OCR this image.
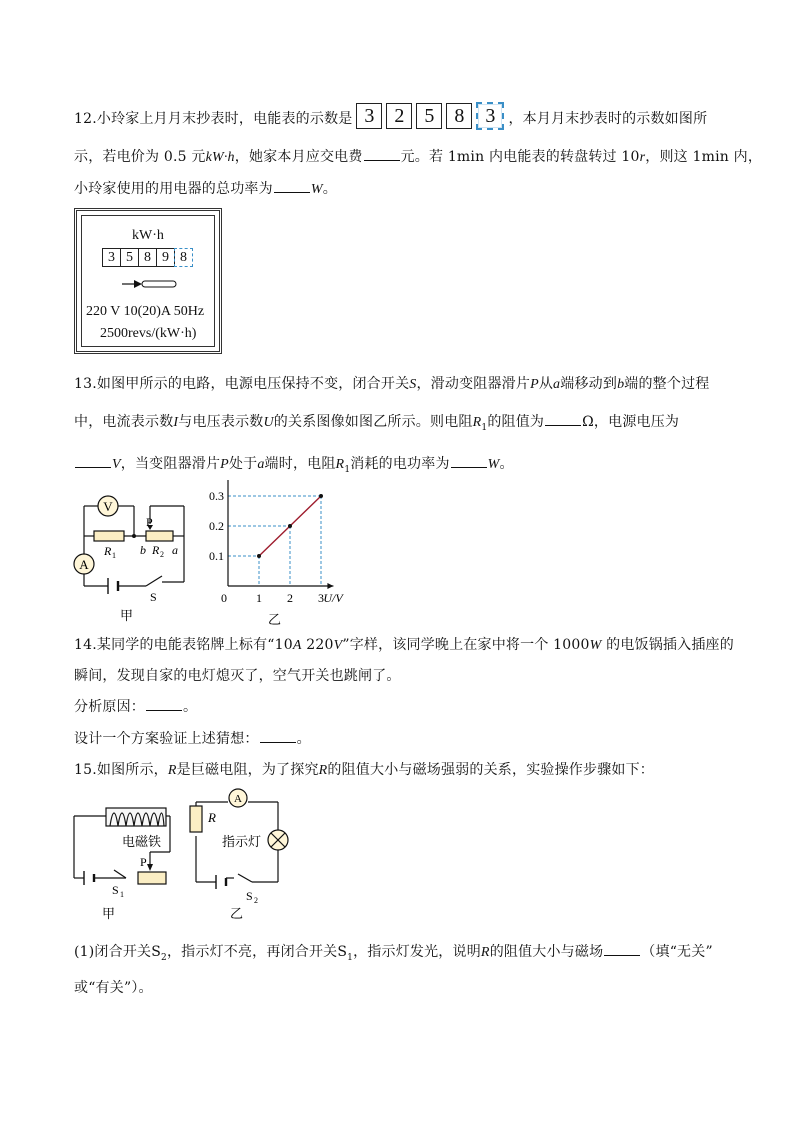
12.小玲家上月月末抄表时，电能表的示数是 3 2 5 8 3 ，本月月末抄表时的示数如图所
示，若电价为 0.5 元kW·h，她家本月应交电费	元。若 1min 内电能表的转盘转过 10r，则这 1min 内，
小玲家使用的用电器的总功率为	W。
kW·h
3 5 8 9 8
220 V 10(20)A 50Hz
2500revs/(kW·h)
13.如图甲所示的电路，电源电压保持不变，闭合开关S，滑动变阻器滑片P从a端移动到b端的整个过程
中，电流表示数I与电压表示数U的关系图像如图乙所示。则电阻$R_1$的阻值为	Ω，电源电压为
V，当变阻器滑片P处于a端时，电阻$R_1$消耗的电功率为	W。
V
A
R 1
P
b R 2 a
S
甲
0 1 2 3
0.1
0.2
0.3
U/V
乙
14.某同学的电能表铭牌上标有“10A 220V”字样，该同学晚上在家中将一个 1000W 的电饭锅插入插座的
瞬间，发现自家的电灯熄灭了，空气开关也跳闸了。
分析原因：	。
设计一个方案验证上述猜想：	。
15.如图所示，R是巨磁电阻，为了探究R的阻值大小与磁场强弱的关系，实验操作步骤如下：
电磁铁
S 1
P
甲
R
A
指示灯
S 2
乙
(1)闭合开关$S_2$，指示灯不亮，再闭合开关$S_1$，指示灯发光，说明R的阻值大小与磁场	（填“无关”
或“有关”）。
